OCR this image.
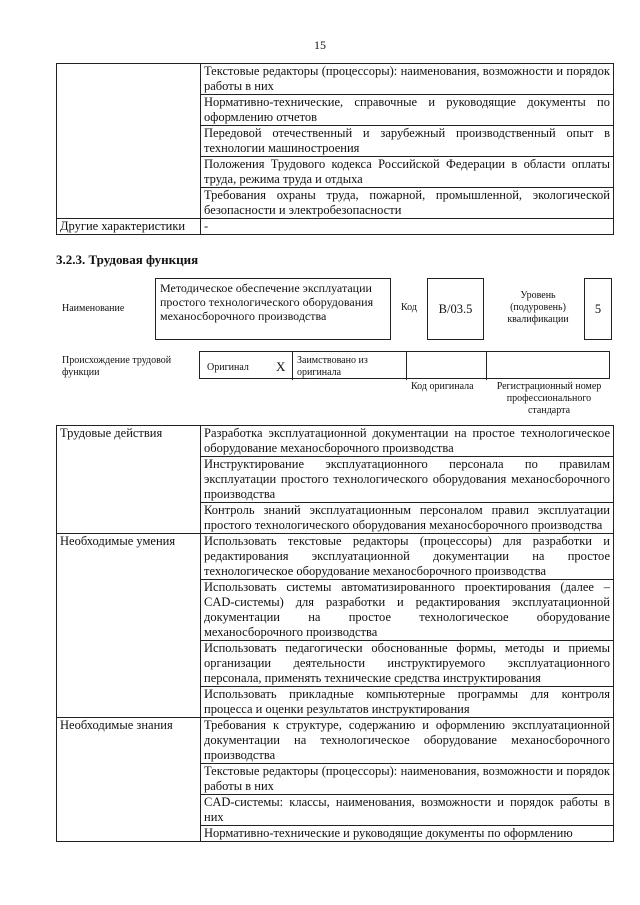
15
	Текстовые редакторы (процессоры): наименования, возможности и порядок работы в них
	Нормативно-технические, справочные и руководящие документы по оформлению отчетов
	Передовой отечественный и зарубежный производственный опыт в технологии машиностроения
	Положения Трудового кодекса Российской Федерации в области оплаты труда, режима труда и отдыха
	Требования охраны труда, пожарной, промышленной, экологической безопасности и электробезопасности
Другие характеристики	-
3.2.3. Трудовая функция
Наименование
Методическое обеспечение эксплуатации простого технологического оборудования механосборочного производства
Код	B/03.5
Уровень (подуровень) квалификации
5
Происхождение трудовой функции	Оригинал X Заимствовано из оригинала
Код оригинала	Регистрационный номер профессионального стандарта
Трудовые действия	Разработка эксплуатационной документации на простое технологическое оборудование механосборочного производства
	Инструктирование эксплуатационного персонала по правилам эксплуатации простого технологического оборудования механосборочного производства
	Контроль знаний эксплуатационным персоналом правил эксплуатации простого технологического оборудования механосборочного производства
Необходимые умения	Использовать текстовые редакторы (процессоры) для разработки и редактирования эксплуатационной документации на простое технологическое оборудование механосборочного производства
	Использовать системы автоматизированного проектирования (далее – CAD-системы) для разработки и редактирования эксплуатационной документации на простое технологическое оборудование механосборочного производства
	Использовать педагогически обоснованные формы, методы и приемы организации деятельности инструктируемого эксплуатационного персонала, применять технические средства инструктирования
	Использовать прикладные компьютерные программы для контроля процесса и оценки результатов инструктирования
Необходимые знания	Требования к структуре, содержанию и оформлению эксплуатационной документации на технологическое оборудование механосборочного производства
	Текстовые редакторы (процессоры): наименования, возможности и порядок работы в них
	CAD-системы: классы, наименования, возможности и порядок работы в них
	Нормативно-технические и руководящие документы по оформлению
